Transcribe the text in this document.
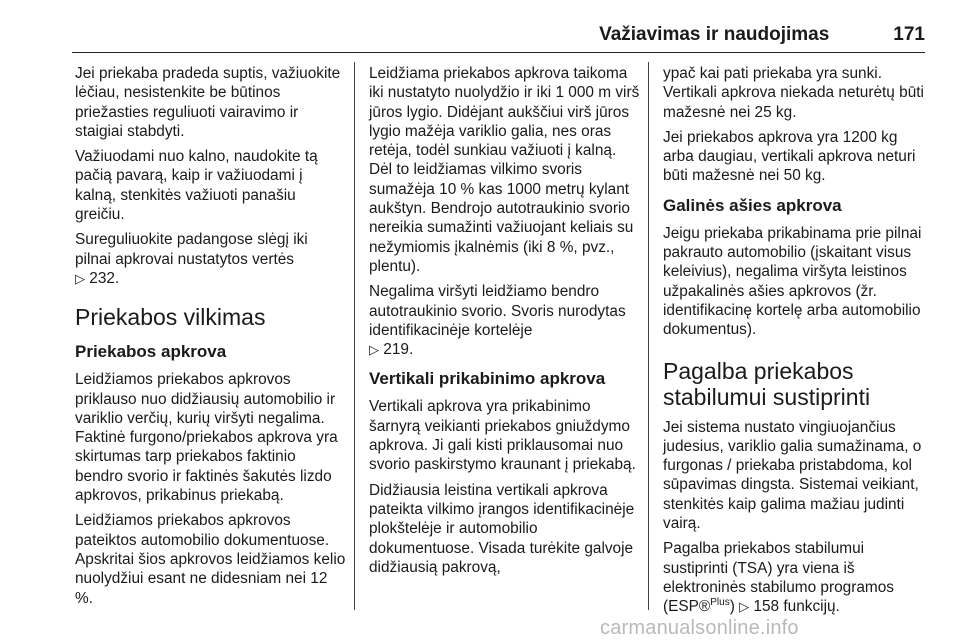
Važiavimas ir naudojimas	171

Jei priekaba pradeda suptis, važiuokite lėčiau, nesistenkite be būtinos priežasties reguliuoti vairavimo ir staigiai stabdyti.

Važiuodami nuo kalno, naudokite tą pačią pavarą, kaip ir važiuodami į kalną, stenkitės važiuoti panašiu greičiu.

Sureguliuokite padangose slėgį iki pilnai apkrovai nustatytos vertės
▷ 232.

Priekabos vilkimas
Priekabos apkrova

Leidžiamos priekabos apkrovos priklauso nuo didžiausių automobilio ir variklio verčių, kurių viršyti negalima. Faktinė furgono/priekabos apkrova yra skirtumas tarp priekabos faktinio bendro svorio ir faktinės šakutės lizdo apkrovos, prikabinus priekabą.

Leidžiamos priekabos apkrovos pateiktos automobilio dokumentuose. Apskritai šios apkrovos leidžiamos kelio nuolydžiui esant ne didesniam nei 12 %.

Leidžiama priekabos apkrova taikoma iki nustatyto nuolydžio ir iki 1 000 m virš jūros lygio. Didėjant aukščiui virš jūros lygio mažėja variklio galia, nes oras retėja, todėl sunkiau važiuoti į kalną. Dėl to leidžiamas vilkimo svoris sumažėja 10 % kas 1000 metrų kylant aukštyn. Bendrojo autotraukinio svorio nereikia sumažinti važiuojant keliais su nežymiomis įkalnėmis (iki 8 %, pvz., plentu).

Negalima viršyti leidžiamo bendro autotraukinio svorio. Svoris nurodytas identifikacinėje kortelėje
▷ 219.

Vertikali prikabinimo apkrova

Vertikali apkrova yra prikabinimo šarnyrą veikianti priekabos gniuždymo apkrova. Ji gali kisti priklausomai nuo svorio paskirstymo kraunant į priekabą.

Didžiausia leistina vertikali apkrova pateikta vilkimo įrangos identifikacinėje plokštelėje ir automobilio dokumentuose. Visada turėkite galvoje didžiausią pakrovą,

ypač kai pati priekaba yra sunki. Vertikali apkrova niekada neturėtų būti mažesnė nei 25 kg.

Jei priekabos apkrova yra 1200 kg arba daugiau, vertikali apkrova neturi būti mažesnė nei 50 kg.

Galinės ašies apkrova

Jeigu priekaba prikabinama prie pilnai pakrauto automobilio (įskaitant visus keleivius), negalima viršyta leistinos užpakalinės ašies apkrovos (žr. identifikacinę kortelę arba automobilio dokumentus).

Pagalba priekabos stabilumui sustiprinti

Jei sistema nustato vingiuojančius judesius, variklio galia sumažinama, o furgonas / priekaba pristabdoma, kol sūpavimas dingsta. Sistemai veikiant, stenkitės kaip galima mažiau judinti vairą.

Pagalba priekabos stabilumui sustiprinti (TSA) yra viena iš elektroninės stabilumo programos (ESP®$^{Plus}$) ▷ 158 funkcijų.

carmanualsonline.info
